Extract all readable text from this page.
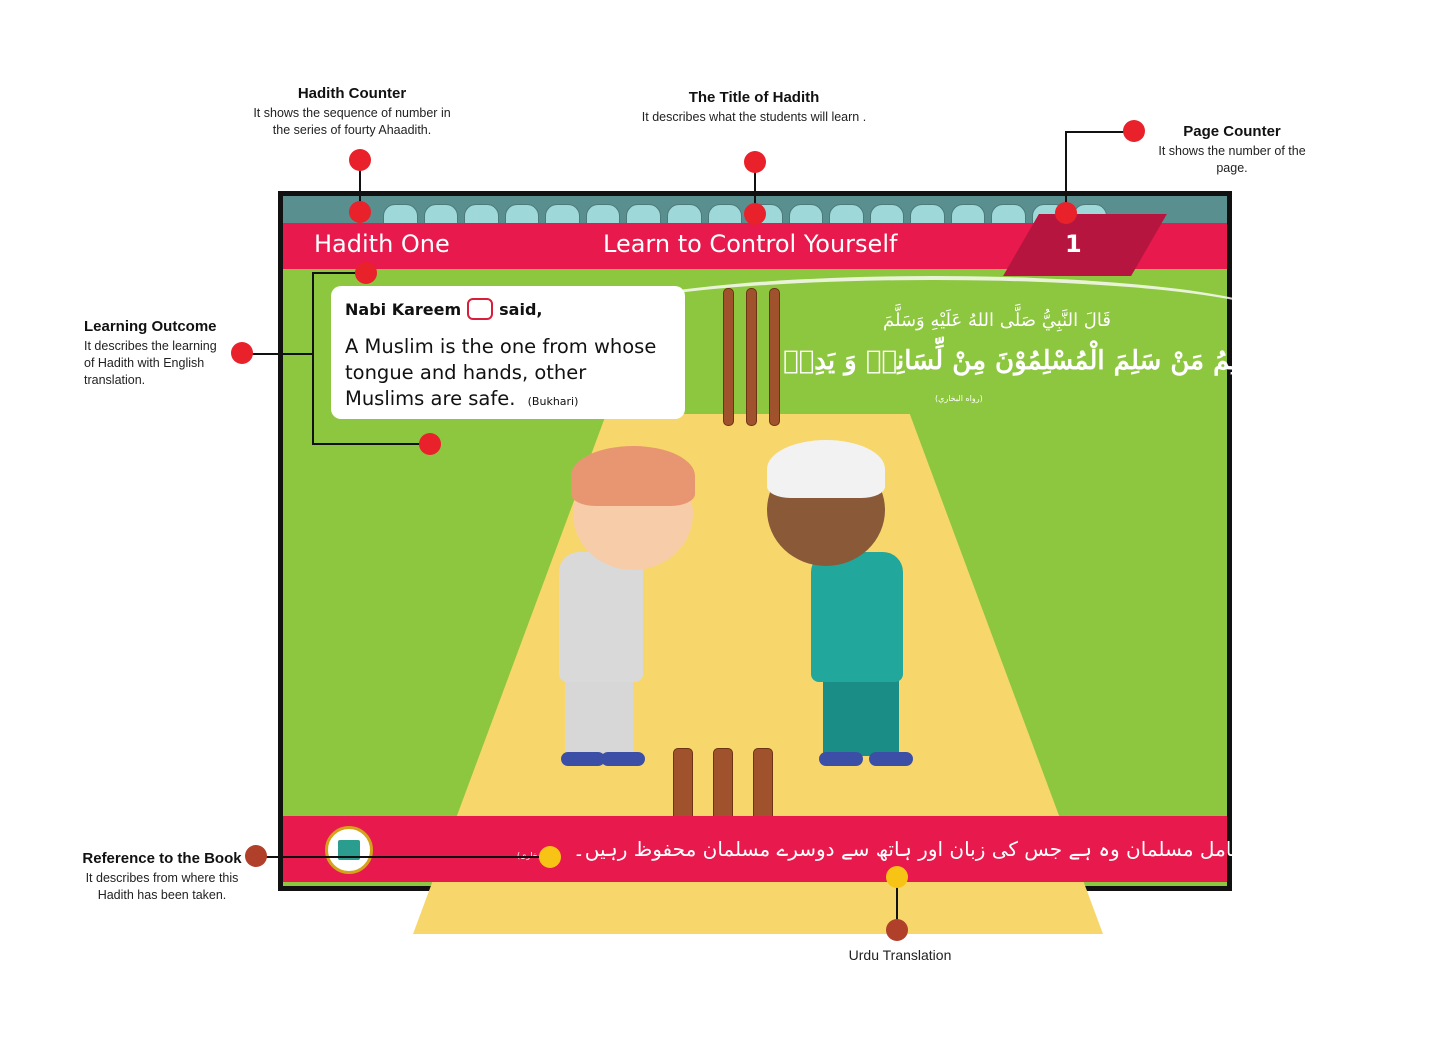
Hadith Counter
It shows the sequence of number in the series of fourty Ahaadith.
The Title of Hadith
It describes what the students will learn .
Page Counter
It shows the number of the page.
Learning Outcome
It describes the learning of Hadith with English translation.
Reference to the Book
It describes from where this Hadith has been taken.
Urdu Translation
Hadith One	Learn to Control Yourself	1
Nabi Kareem said,
A Muslim is the one from whose tongue and hands, other Muslims are safe. (Bukhari)
قَالَ النَّبِيُّ صَلَّى اللهُ عَلَيْهِ وَسَلَّمَ
اَلْمُسْلِمُ مَنْ سَلِمَ الْمُسْلِمُوْنَ مِنْ لِّسَانِهٖ وَ يَدِهٖ
(رواه البخاري)
نبی کریم ﷺ نے فرمایا: کامل مسلمان وہ ہے جس کی زبان اور ہاتھ سے دوسرے مسلمان محفوظ رہیں۔
